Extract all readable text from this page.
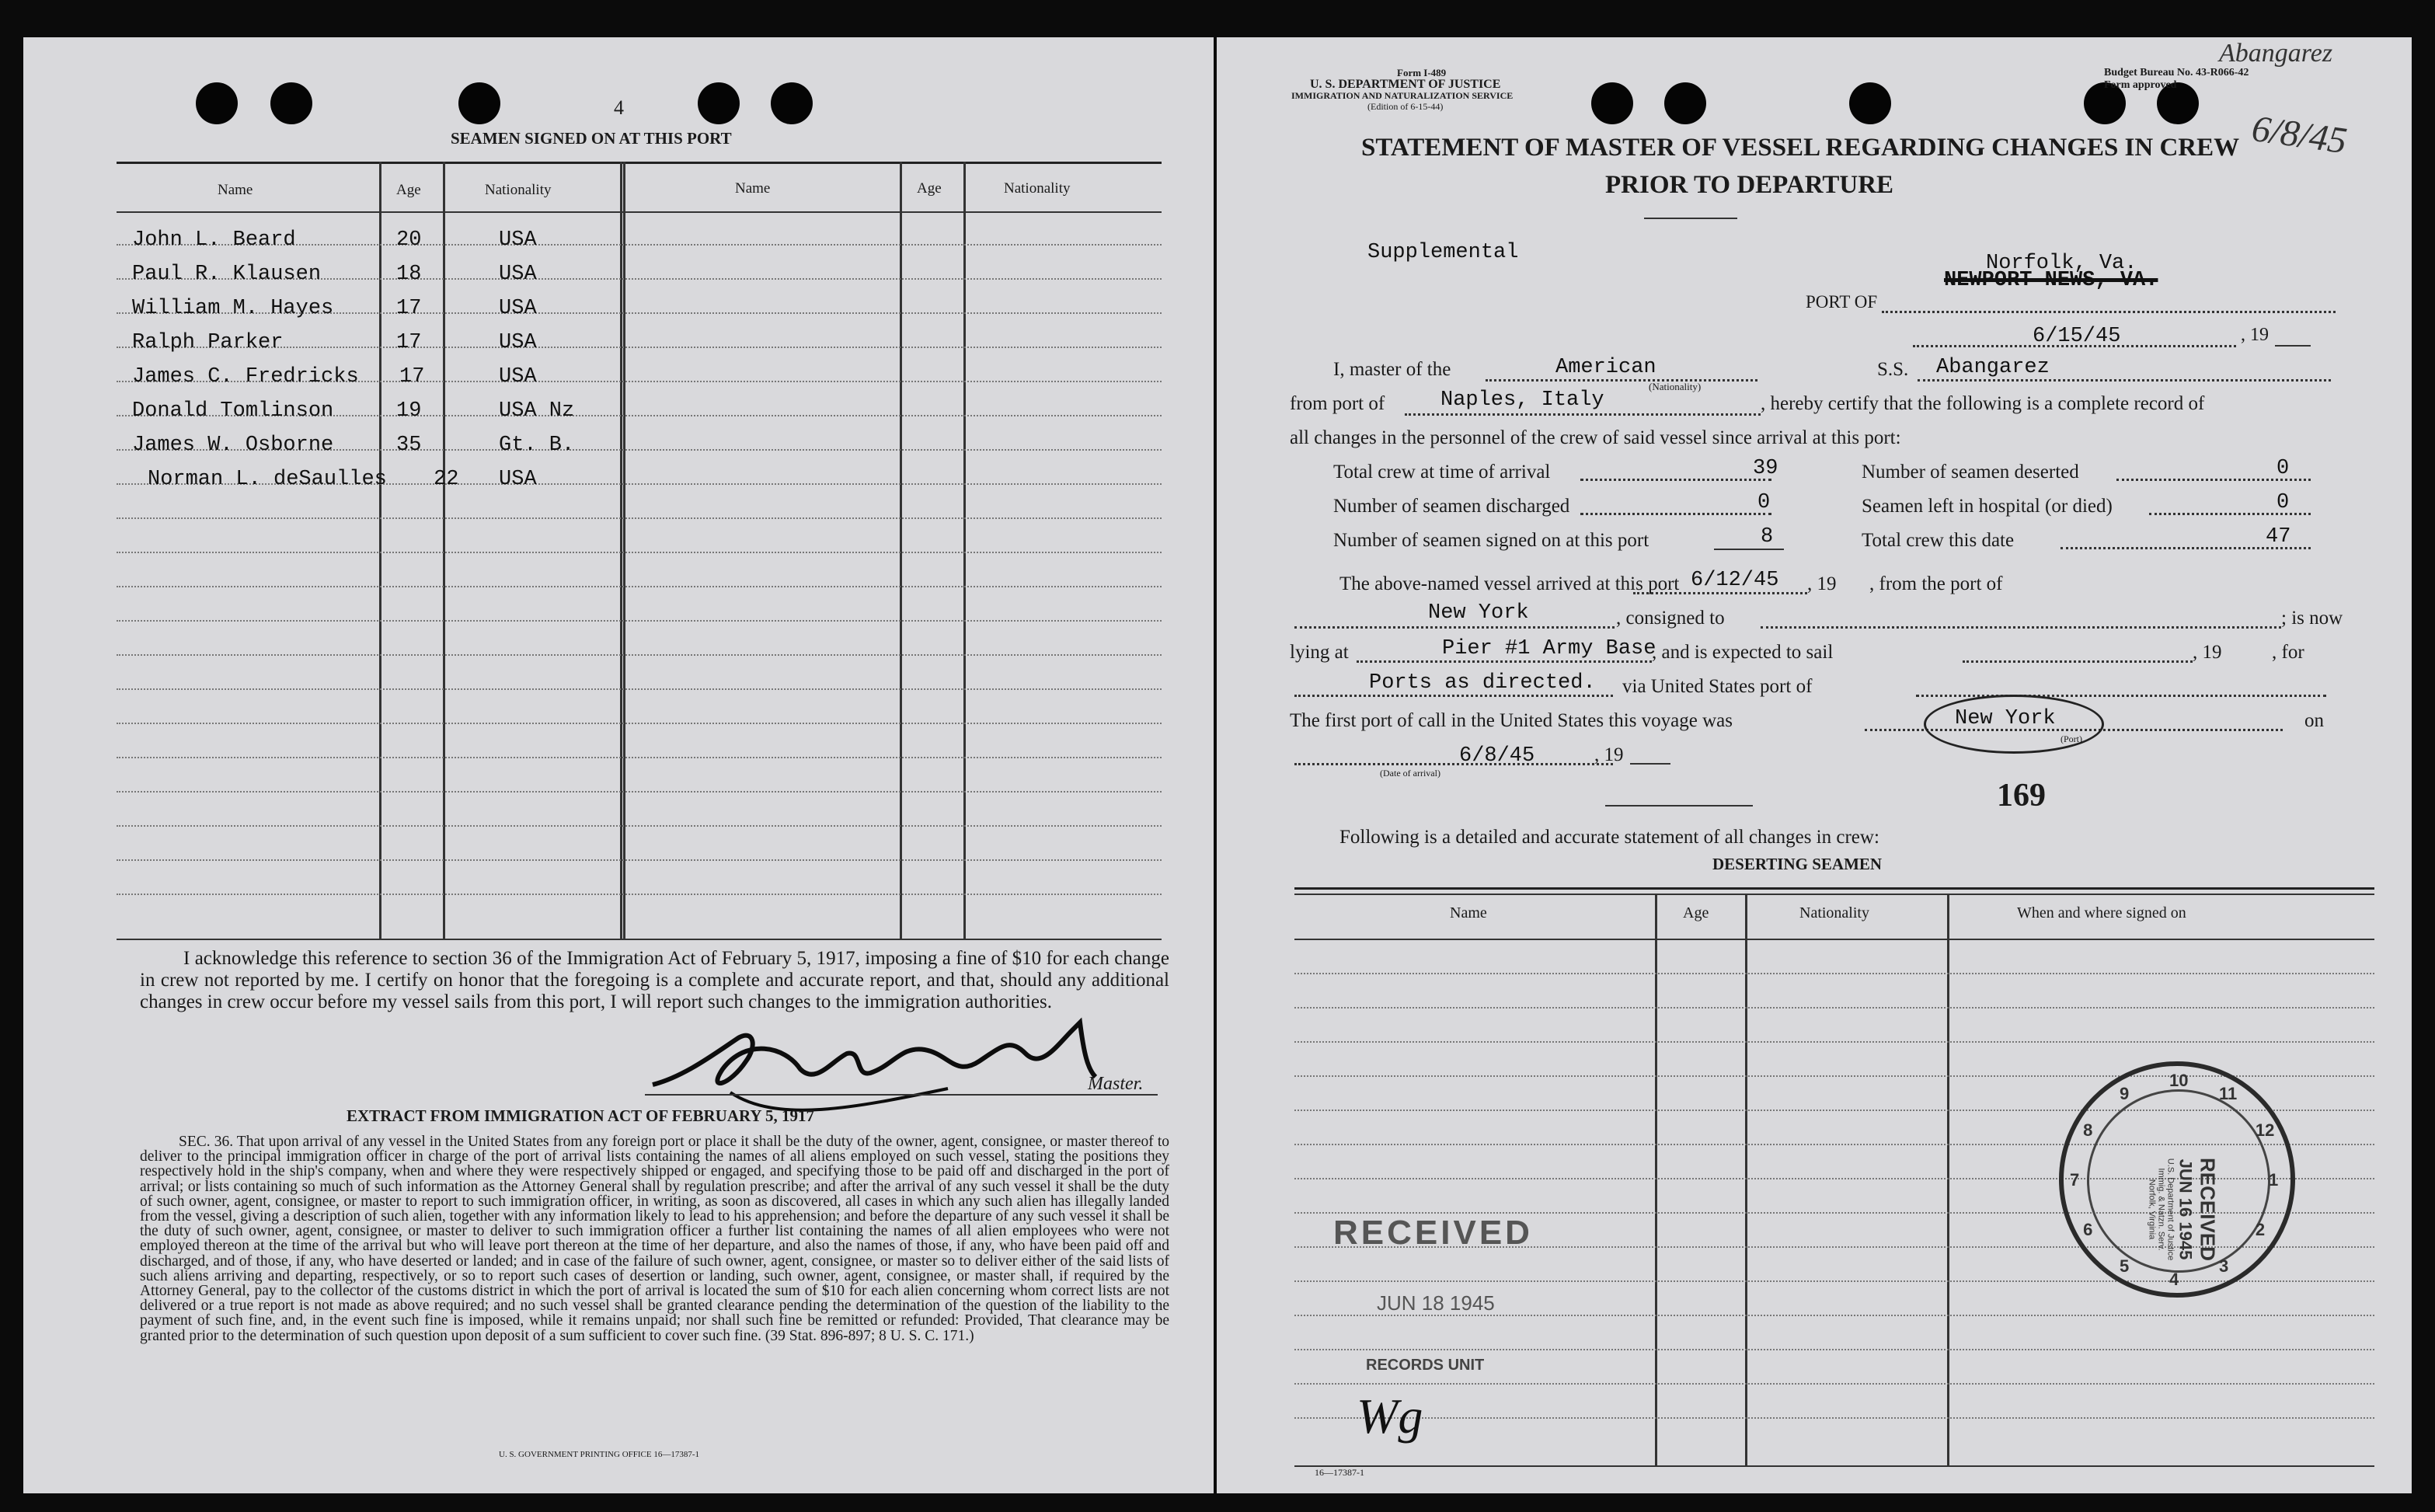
4
SEAMEN SIGNED ON AT THIS PORT
Name	Age	Nationality	Name	Age	Nationality
John L. Beard	20	USA
Paul R. Klausen	18	USA
William M. Hayes	17	USA
Ralph Parker	17	USA
James C. Fredricks 17	USA
Donald Tomlinson	19	USA Nz
James W. Osborne	35	Gt. B.
Norman L. deSaulles 22 USA
I acknowledge this reference to section 36 of the Immigration Act of February 5, 1917, imposing a fine of $10 for each change in crew not reported by me. I certify on honor that the foregoing is a complete and accurate report, and that, should any additional changes in crew occur before my vessel sails from this port, I will report such changes to the immigration authorities.
Master.
EXTRACT FROM IMMIGRATION ACT OF FEBRUARY 5, 1917
SEC. 36. That upon arrival of any vessel in the United States from any foreign port or place it shall be the duty of the owner, agent, consignee, or master thereof to deliver to the principal immigration officer in charge of the port of arrival lists containing the names of all aliens employed on such vessel, stating the positions they respectively hold in the ship's company, when and where they were respectively shipped or engaged, and specifying those to be paid off and discharged in the port of arrival; or lists containing so much of such information as the Attorney General shall by regulation prescribe; and after the arrival of any such vessel it shall be the duty of such owner, agent, consignee, or master to report to such immigration officer, in writing, as soon as discovered, all cases in which any such alien has illegally landed from the vessel, giving a description of such alien, together with any information likely to lead to his apprehension; and before the departure of any such vessel it shall be the duty of such owner, agent, consignee, or master to deliver to such immigration officer a further list containing the names of all alien employees who were not employed thereon at the time of the arrival but who will leave port thereon at the time of her departure, and also the names of those, if any, who have been paid off and discharged, and of those, if any, who have deserted or landed; and in case of the failure of such owner, agent, consignee, or master so to deliver either of the said lists of such aliens arriving and departing, respectively, or so to report such cases of desertion or landing, such owner, agent, consignee, or master shall, if required by the Attorney General, pay to the collector of the customs district in which the port of arrival is located the sum of $10 for each alien concerning whom correct lists are not delivered or a true report is not made as above required; and no such vessel shall be granted clearance pending the determination of the question of the liability to the payment of such fine, and, in the event such fine is imposed, while it remains unpaid; nor shall such fine be remitted or refunded: Provided, That clearance may be granted prior to the determination of such question upon deposit of a sum sufficient to cover such fine. (39 Stat. 896-897; 8 U. S. C. 171.)
U. S. GOVERNMENT PRINTING OFFICE 16—17387-1
Form I-489
U. S. DEPARTMENT OF JUSTICE
IMMIGRATION AND NATURALIZATION SERVICE
(Edition of 6-15-44)
Budget Bureau No. 43-R066-42
Form approved
Abangarez
6/8/45
STATEMENT OF MASTER OF VESSEL REGARDING CHANGES IN CREW
PRIOR TO DEPARTURE
Supplemental	Norfolk, Va.
PORT OF
NEWPORT NEWS, VA.
6/15/45	, 19
I, master of the	American
(Nationality)
S.S. Abangarez
from port of	Naples, Italy	, hereby certify that the following is a complete record of
all changes in the personnel of the crew of said vessel since arrival at this port:
Total crew at time of arrival	39	Number of seamen deserted	0
Number of seamen discharged	0	Seamen left in hospital (or died)	0
Number of seamen signed on at this port	8	Total crew this date	47
The above-named vessel arrived at this port 6/12/45 , 19 , from the port of
New York	, consigned to	; is now
lying at	Pier #1 Army Base
, and is expected to sail	, 19	, for
Ports as directed. via United States port of
The first port of call in the United States this voyage was	New York
(Port)
on
6/8/45
(Date of arrival)
, 19
169
Following is a detailed and accurate statement of all changes in crew:
DESERTING SEAMEN
Name	Age	Nationality	When and where signed on
RECEIVED
JUN 18 1945
RECORDS UNIT
Wg
16—17387-1
8
9
10
11
12
1
2
3
4
5
6
7	RECEIVED
JUN 16 1945
U.S. Department of Justice
Immig. & Natzn. Serv.
Norfolk, Virginia
